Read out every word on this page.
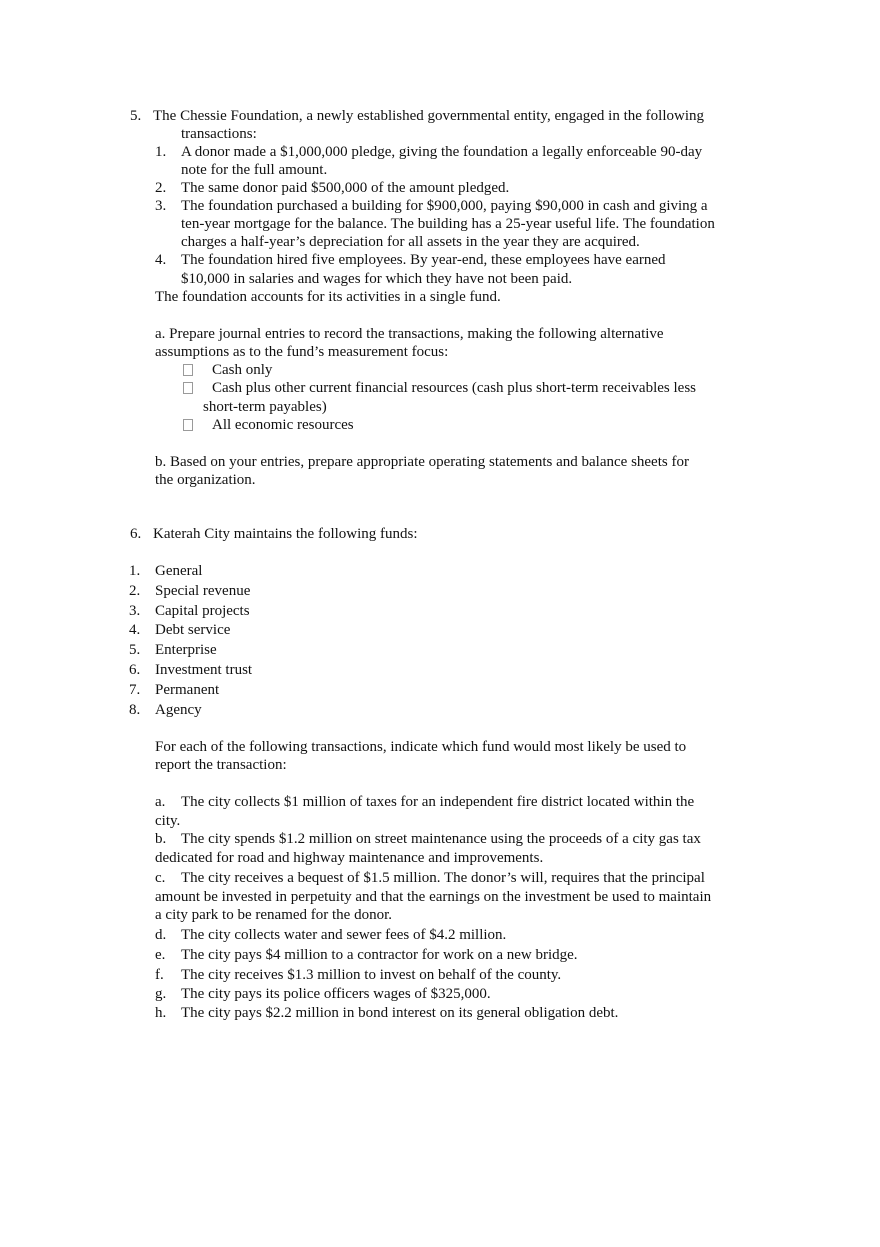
5. The Chessie Foundation, a newly established governmental entity, engaged in the following
transactions:
1. A donor made a $1,000,000 pledge, giving the foundation a legally enforceable 90-day
note for the full amount.
2. The same donor paid $500,000 of the amount pledged.
3. The foundation purchased a building for $900,000, paying $90,000 in cash and giving a
ten-year mortgage for the balance. The building has a 25-year useful life. The foundation
charges a half-year’s depreciation for all assets in the year they are acquired.
4. The foundation hired five employees. By year-end, these employees have earned
$10,000 in salaries and wages for which they have not been paid.
The foundation accounts for its activities in a single fund.
a. Prepare journal entries to record the transactions, making the following alternative
assumptions as to the fund’s measurement focus:
Cash only
Cash plus other current financial resources (cash plus short-term receivables less
short-term payables)
All economic resources
b. Based on your entries, prepare appropriate operating statements and balance sheets for
the organization.
6. Katerah City maintains the following funds:
1. General
2. Special revenue
3. Capital projects
4. Debt service
5. Enterprise
6. Investment trust
7. Permanent
8. Agency
For each of the following transactions, indicate which fund would most likely be used to
report the transaction:
a. The city collects $1 million of taxes for an independent fire district located within the
city.
b. The city spends $1.2 million on street maintenance using the proceeds of a city gas tax
dedicated for road and highway maintenance and improvements.
c. The city receives a bequest of $1.5 million. The donor’s will, requires that the principal
amount be invested in perpetuity and that the earnings on the investment be used to maintain
a city park to be renamed for the donor.
d. The city collects water and sewer fees of $4.2 million.
e. The city pays $4 million to a contractor for work on a new bridge.
f. The city receives $1.3 million to invest on behalf of the county.
g. The city pays its police officers wages of $325,000.
h. The city pays $2.2 million in bond interest on its general obligation debt.
